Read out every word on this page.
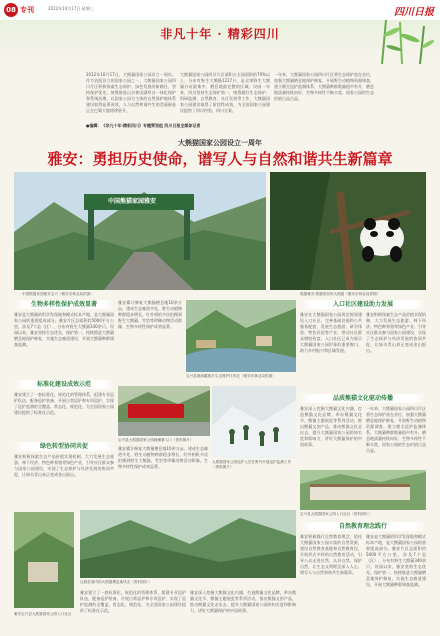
08 专刊	2022年10月17日 星期三	四川日报
非凡十年 · 精彩四川
2012年10月17日，大熊猫国家公园设立一周年。作为首批设立的国家公园之一，大熊猫国家公园四川片区积极探索生态保护、绿色发展的新路径，坚持保护优先，统筹推进山水林田湖草沙一体化保护和系统治理，以国家公园为主体的自然保护地体系建设取得显著成效，人与自然和谐共生的美丽画卷正在巴蜀大地徐徐展开。
大熊猫国家公园四川片区面积占全园面积的70%以上，分布有野生大熊猫1227只，是全球野生大熊猫分布最集中、栖息地最完整的区域。设园一年来，四川坚持生态保护第一，统筹做好生态保护、科研监测、自然教育、社区发展等工作，大熊猫国家公园建设取得了阶段性成效，为全国国家公园建设提供了四川经验、四川方案。
一年来，大熊猫国家公园四川片区将生态保护放在首位，加强大熊猫栖息地保护修复，开展野生动植物资源调查，建立健全巡护监测体系，大熊猫种群数量稳中有升，栖息地质量持续向好，生物多样性不断丰富，国家公园的生态价值日益凸显。
●编辑：《非凡十年·精彩四川》专题策划组 四川日报全媒体记者
大熊猫国家公园设立一周年
雅安：勇担历史使命，谱写人与自然和谐共生新篇章
中国熊猫家园雅安
中国熊猫家园雅安宝兴（雅安市林业局供图）	熊猫雅安·熊猫馆里的大熊猫（雅安市林业局供图）
生物多样性保护成效显著
雅安是大熊猫的科学发现地和模式标本产地，是大熊猫国家公园的重要组成部分。雅安片区总面积约5000平方公里，涉及7个县（区），分布有野生大熊猫340余只。设园以来，雅安坚持生态优先、保护第一，持续推进大熊猫栖息地保护修复，实施生态廊道建设，开展大熊猫种群调查监测。
雅安累计修复大熊猫栖息地10余万亩，建成生态廊道多处，野生动植物种群稳步增长，红外相机多次拍摄到野生大熊猫、雪豹等珍稀动物活动影像，生物多样性保护成效显著。
宝兴县硗碛藏族乡生态保护区风光（雅安市林业局供图）
入口社区建设助力发展
雅安在大熊猫国家公园周边规划建设入口社区，完善基础设施和公共服务配套，发展生态旅游、研学体验、特色民宿等产业，带动社区群众增收致富。入口社区已成为展示大熊猫国家公园形象的重要窗口，助力乡村振兴和区域发展。
雅安积极探索生态产品价值实现机制，大力发展生态旅游、林下经济、特色种养殖等绿色产业，引导社区群众参与国家公园建设，实现了生态保护与经济发展的协同共促，让绿水青山真正变成金山银山。
标准化建设成效示范
雅安建立了一套标准化、规范化的管理体系，组建专业巡护队伍，配备巡护装备，开展日常巡护和专项巡护，实现了巡护监测的全覆盖、常态化、规范化，为全国国家公园建设提供了标准化示范。
宝兴县大熊猫国家公园蜂桶寨入口（资料图片）
大熊猫国家公园巡护人员在野外开展巡护监测工作（资料图片）
品质熊猫文化驱动传播
雅安深入挖掘大熊猫文化内涵，打造熊猫文化品牌，举办熊猫文化节、熊猫主题展览等系列活动，推出熊猫文创产品，推动熊猫文化走出去，提升大熊猫国家公园的知名度和影响力，讲好大熊猫保护的中国故事。
一年来，大熊猫国家公园四川片区将生态保护放在首位，加强大熊猫栖息地保护修复，开展野生动植物资源调查，建立健全巡护监测体系，大熊猫种群数量稳中有升，栖息地质量持续向好，生物多样性不断丰富，国家公园的生态价值日益凸显。
绿色转型协同共促
雅安积极探索生态产品价值实现机制，大力发展生态旅游、林下经济、特色种养殖等绿色产业，引导社区群众参与国家公园建设，实现了生态保护与经济发展的协同共促，让绿水青山真正变成金山银山。
雅安累计修复大熊猫栖息地10余万亩，建成生态廊道多处，野生动植物种群稳步增长，红外相机多次拍摄到野生大熊猫、雪豹等珍稀动物活动影像，生物多样性保护成效显著。
宝兴县大熊猫国家公园入口社区（资料图片）
雅安宝兴县大熊猫国家公园入口社区
汉源县境内的大熊猫栖息地风光（资料图片）
自然教育理念践行
雅安积极践行自然教育理念，依托大熊猫国家公园丰富的自然资源，建设自然教育基地和自然教育径，开展形式多样的自然教育活动，引导公众走进自然、认识自然、保护自然，让生态文明理念深入人心，谱写人与自然和谐共生新篇章。
雅安是大熊猫的科学发现地和模式标本产地，是大熊猫国家公园的重要组成部分。雅安片区总面积约5000平方公里，涉及7个县（区），分布有野生大熊猫340余只。设园以来，雅安坚持生态优先、保护第一，持续推进大熊猫栖息地保护修复，实施生态廊道建设，开展大熊猫种群调查监测。
雅安建立了一套标准化、规范化的管理体系，组建专业巡护队伍，配备巡护装备，开展日常巡护和专项巡护，实现了巡护监测的全覆盖、常态化、规范化，为全国国家公园建设提供了标准化示范。
雅安深入挖掘大熊猫文化内涵，打造熊猫文化品牌，举办熊猫文化节、熊猫主题展览等系列活动，推出熊猫文创产品，推动熊猫文化走出去，提升大熊猫国家公园的知名度和影响力，讲好大熊猫保护的中国故事。
